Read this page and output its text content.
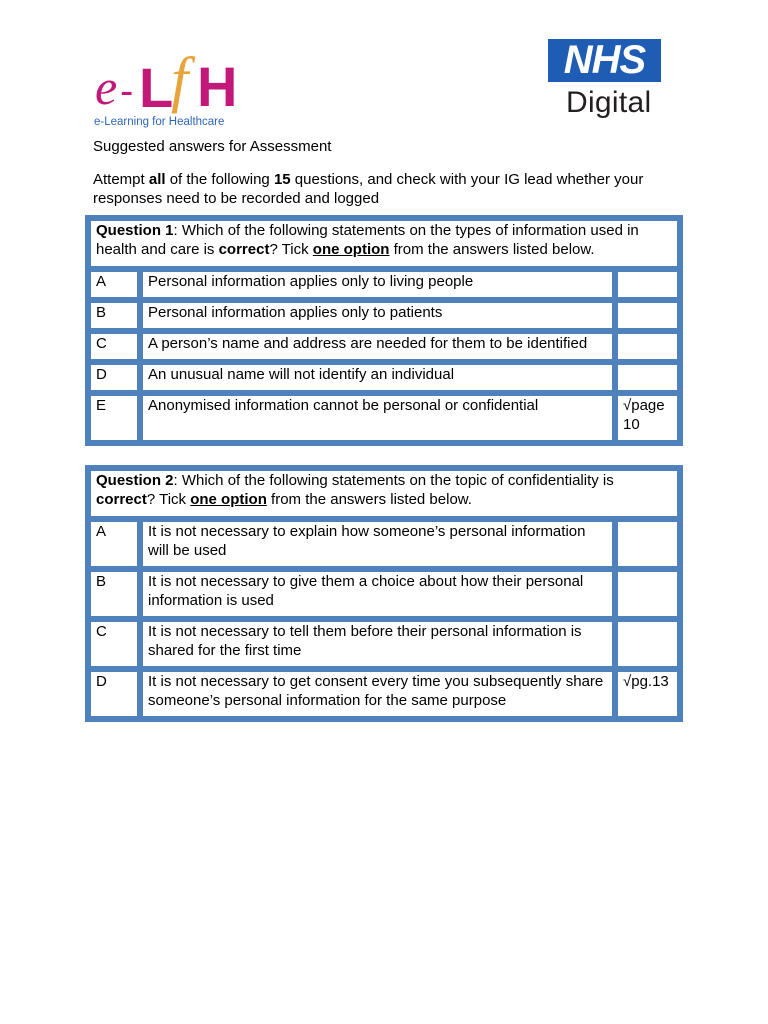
e - L
f H
e-Learning for Healthcare
NHS
Digital
Suggested answers for Assessment
Attempt all of the following 15 questions, and check with your IG lead whether your responses need to be recorded and logged
Question 1: Which of the following statements on the types of information used in health and care is correct? Tick one option from the answers listed below.		
A	Personal information applies only to living people	
B	Personal information applies only to patients	
C	A person’s name and address are needed for them to be identified	
D	An unusual name will not identify an individual	
E	Anonymised information cannot be personal or confidential	√page 10
Question 2: Which of the following statements on the topic of confidentiality is correct? Tick one option from the answers listed below.		
A	It is not necessary to explain how someone’s personal information will be used	
B	It is not necessary to give them a choice about how their personal information is used	
C	It is not necessary to tell them before their personal information is shared for the first time	
D	It is not necessary to get consent every time you subsequently share someone’s personal information for the same purpose	√pg.13
